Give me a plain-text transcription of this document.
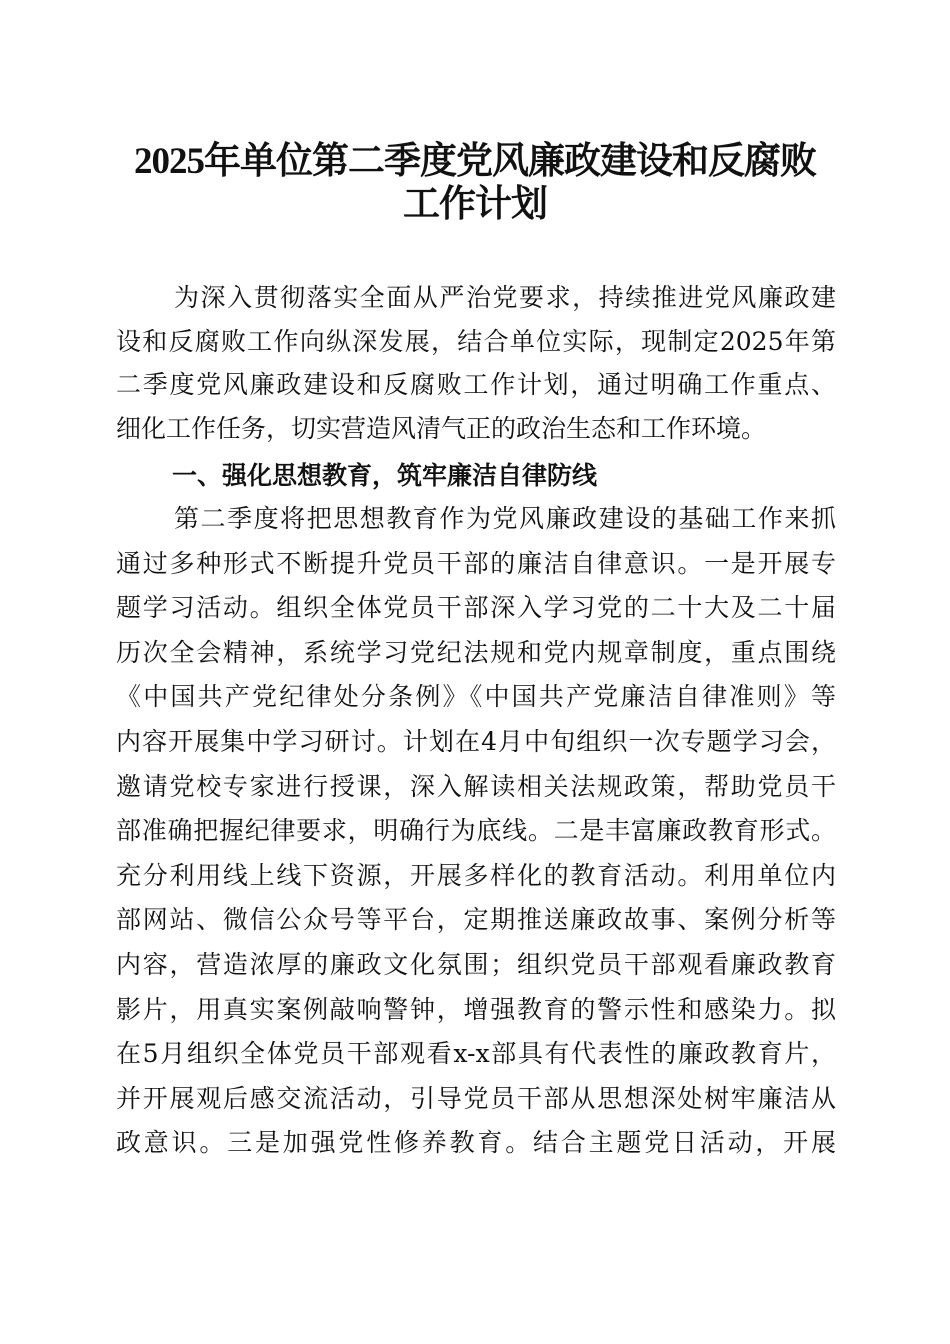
2025年单位第二季度党风廉政建设和反腐败
工作计划
为深入贯彻落实全面从严治党要求，持续推进党风廉政建
设和反腐败工作向纵深发展，结合单位实际，现制定2025年第
二季度党风廉政建设和反腐败工作计划，通过明确工作重点、
细化工作任务，切实营造风清气正的政治生态和工作环境。
一、强化思想教育，筑牢廉洁自律防线
第二季度将把思想教育作为党风廉政建设的基础工作来抓
通过多种形式不断提升党员干部的廉洁自律意识。一是开展专
题学习活动。组织全体党员干部深入学习党的二十大及二十届
历次全会精神，系统学习党纪法规和党内规章制度，重点围绕
《中国共产党纪律处分条例》《中国共产党廉洁自律准则》等
内容开展集中学习研讨。计划在4月中旬组织一次专题学习会，
邀请党校专家进行授课，深入解读相关法规政策，帮助党员干
部准确把握纪律要求，明确行为底线。二是丰富廉政教育形式。
充分利用线上线下资源，开展多样化的教育活动。利用单位内
部网站、微信公众号等平台，定期推送廉政故事、案例分析等
内容，营造浓厚的廉政文化氛围；组织党员干部观看廉政教育
影片，用真实案例敲响警钟，增强教育的警示性和感染力。拟
在5月组织全体党员干部观看x-x部具有代表性的廉政教育片，
并开展观后感交流活动，引导党员干部从思想深处树牢廉洁从
政意识。三是加强党性修养教育。结合主题党日活动，开展
